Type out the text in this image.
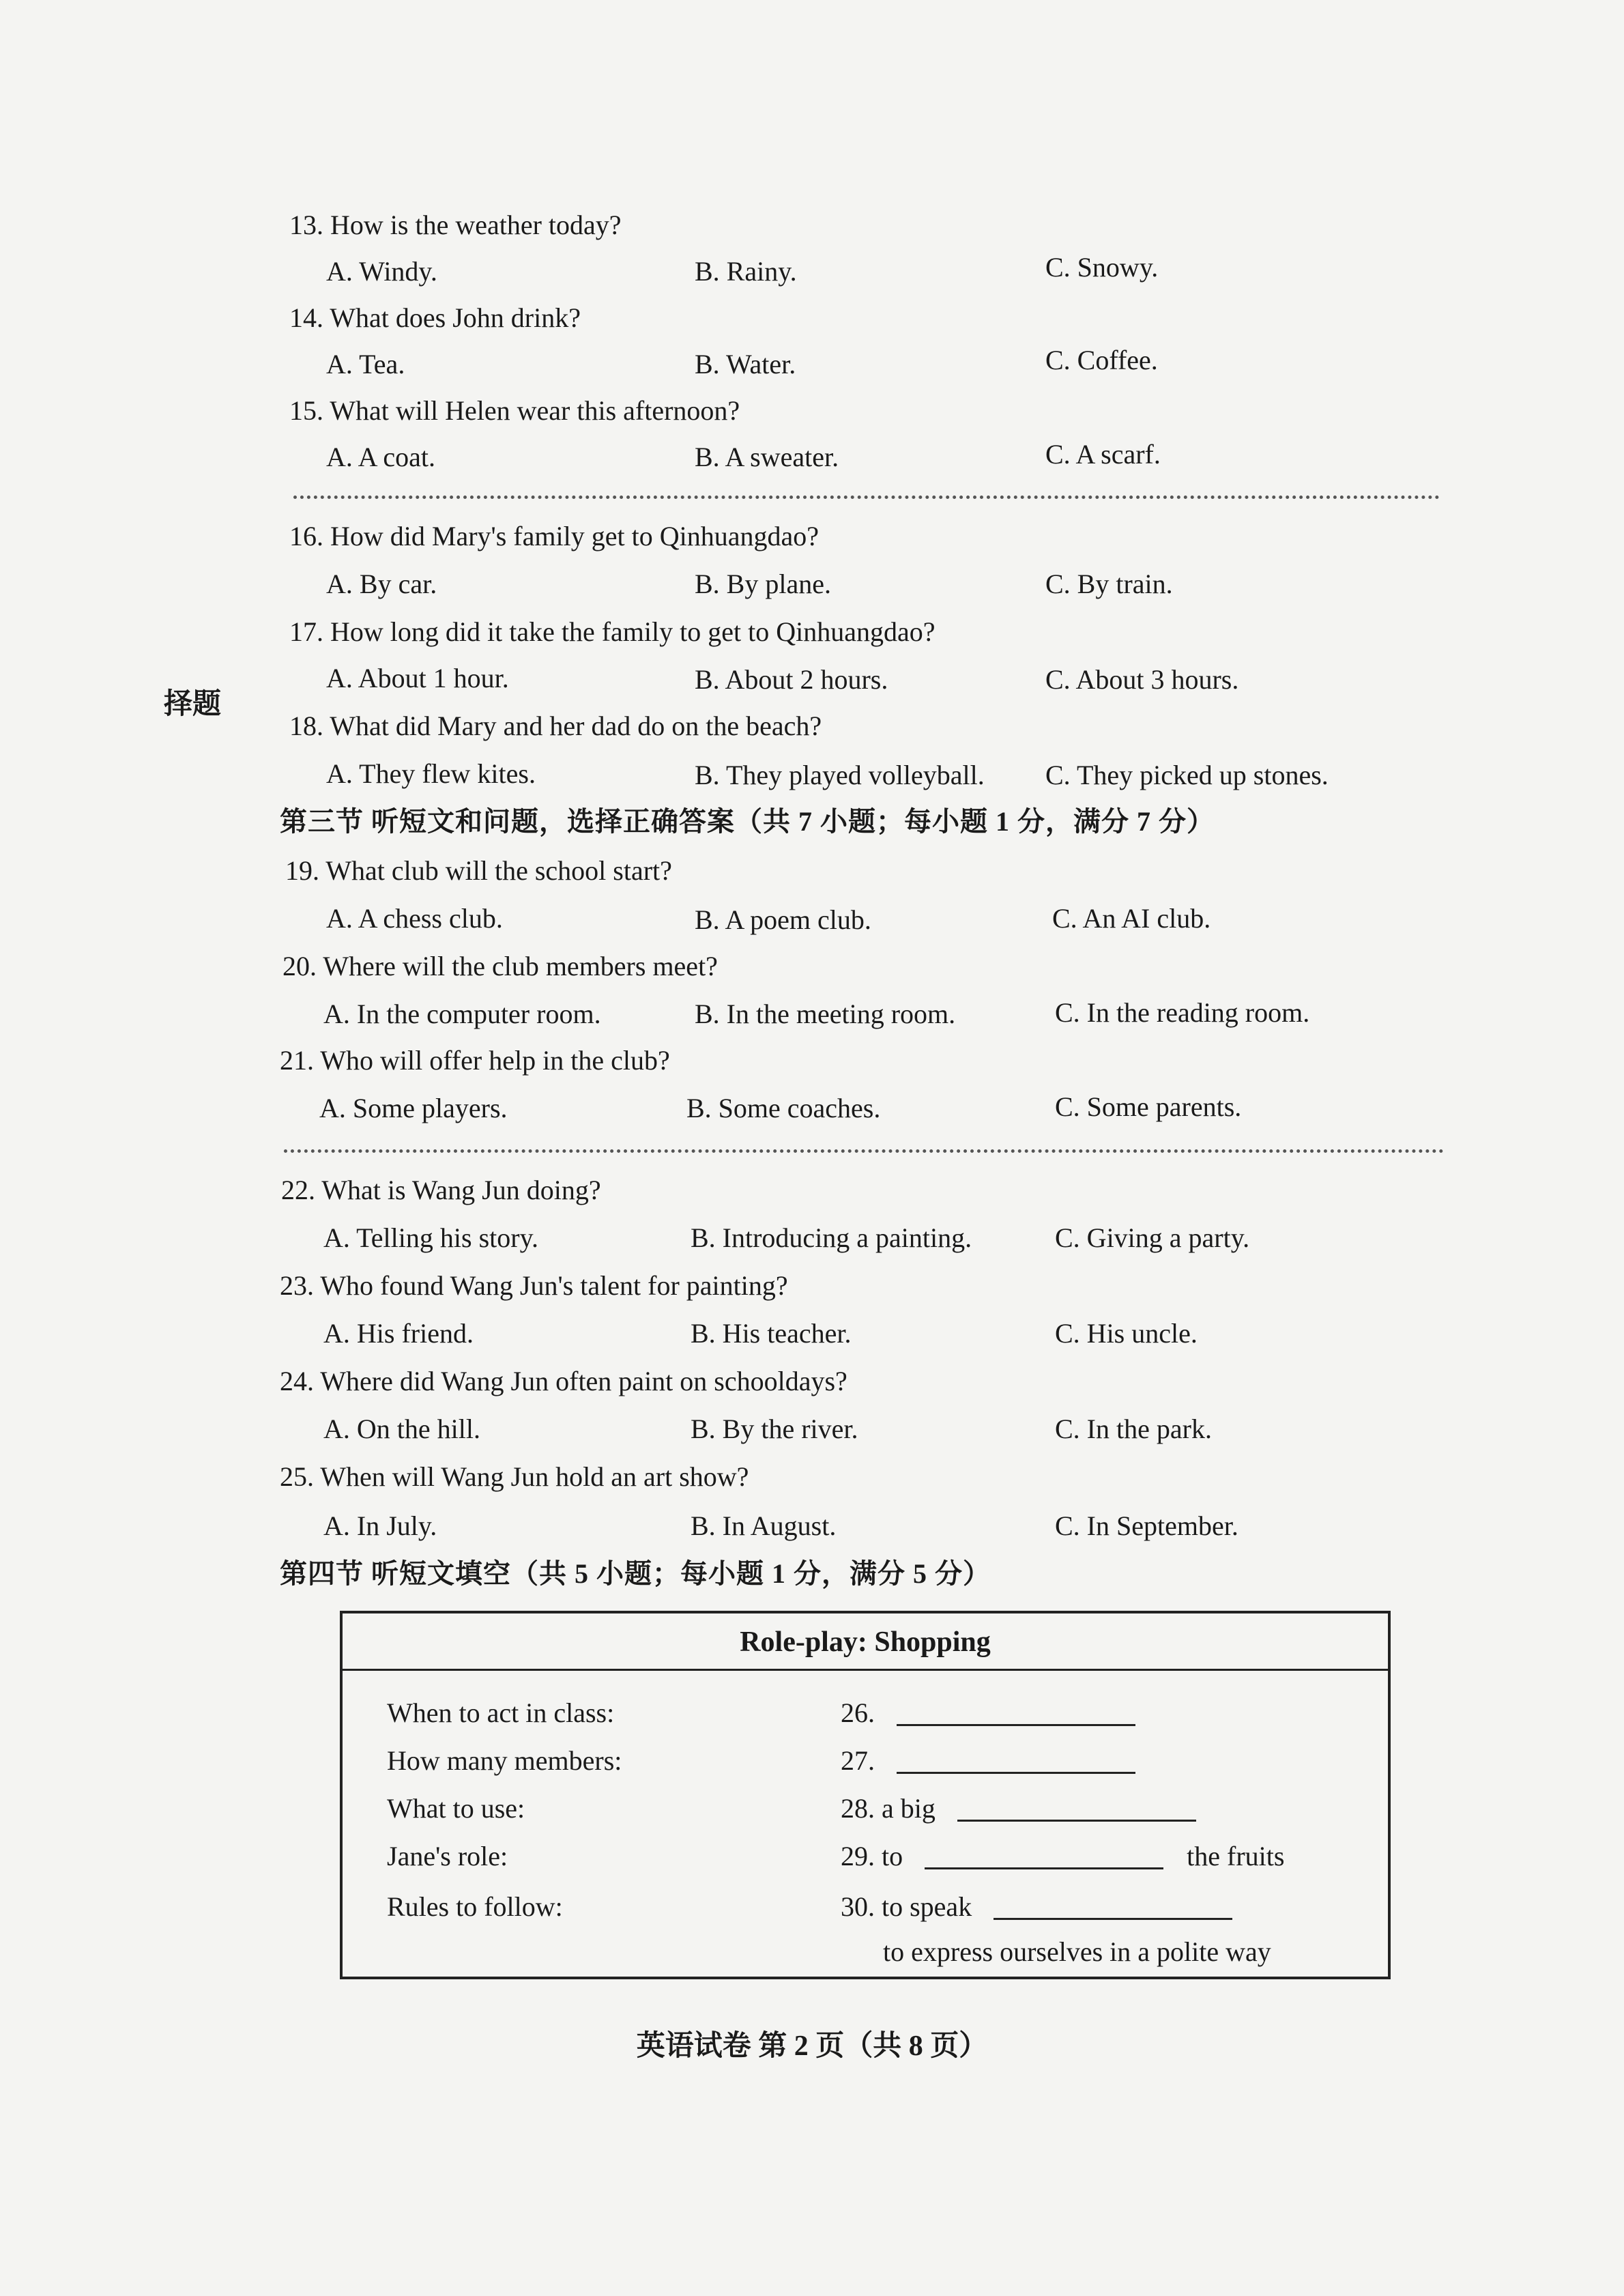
择题
13. How is the weather today?
A. Windy.	B. Rainy.	C. Snowy.
14. What does John drink?
A. Tea.	B. Water.	C. Coffee.
15. What will Helen wear this afternoon?
A. A coat.	B. A sweater.	C. A scarf.
16. How did Mary's family get to Qinhuangdao?
A. By car.	B. By plane.	C. By train.
17. How long did it take the family to get to Qinhuangdao?
A. About 1 hour.	B. About 2 hours.	C. About 3 hours.
18. What did Mary and her dad do on the beach?
A. They flew kites.	B. They played volleyball. C. They picked up stones.
第三节 听短文和问题，选择正确答案（共 7 小题；每小题 1 分，满分 7 分）
19. What club will the school start?
A. A chess club.	B. A poem club.	C. An AI club.
20. Where will the club members meet?
A. In the computer room.	B. In the meeting room.	C. In the reading room.
21. Who will offer help in the club?
A. Some players.	B. Some coaches.	C. Some parents.
22. What is Wang Jun doing?
A. Telling his story.	B. Introducing a painting.	C. Giving a party.
23. Who found Wang Jun's talent for painting?
A. His friend.	B. His teacher.	C. His uncle.
24. Where did Wang Jun often paint on schooldays?
A. On the hill.	B. By the river.	C. In the park.
25. When will Wang Jun hold an art show?
A. In July.	B. In August.	C. In September.
第四节 听短文填空（共 5 小题；每小题 1 分，满分 5 分）
Role-play: Shopping
When to act in class:	26.
How many members:	27.
What to use:	28. a big
Jane's role:	29. to	the fruits
Rules to follow:	30. to speak
to express ourselves in a polite way
英语试卷 第 2 页（共 8 页）
